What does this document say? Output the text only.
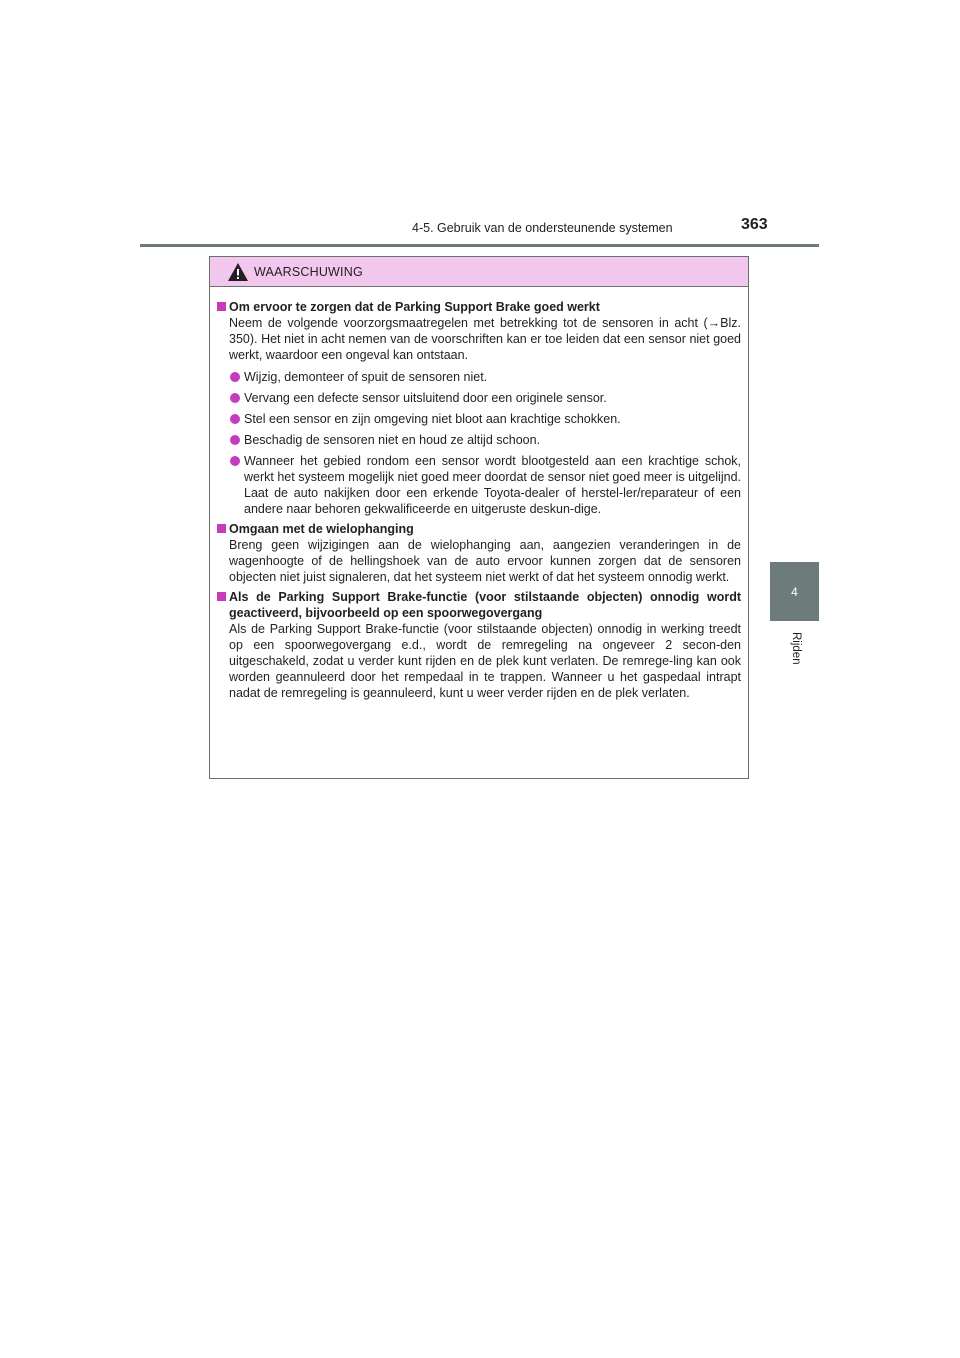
4-5. Gebruik van de ondersteunende systemen	363
4
Rijden
WAARSCHUWING
Om ervoor te zorgen dat de Parking Support Brake goed werkt
Neem de volgende voorzorgsmaatregelen met betrekking tot de sensoren in acht (→Blz. 350). Het niet in acht nemen van de voorschriften kan er toe leiden dat een sensor niet goed werkt, waardoor een ongeval kan ontstaan.
Wijzig, demonteer of spuit de sensoren niet.
Vervang een defecte sensor uitsluitend door een originele sensor.
Stel een sensor en zijn omgeving niet bloot aan krachtige schokken.
Beschadig de sensoren niet en houd ze altijd schoon.
Wanneer het gebied rondom een sensor wordt blootgesteld aan een krachtige schok, werkt het systeem mogelijk niet goed meer doordat de sensor niet goed meer is uitgelijnd. Laat de auto nakijken door een erkende Toyota-dealer of herstel-ler/reparateur of een andere naar behoren gekwalificeerde en uitgeruste deskun-dige.
Omgaan met de wielophanging
Breng geen wijzigingen aan de wielophanging aan, aangezien veranderingen in de wagenhoogte of de hellingshoek van de auto ervoor kunnen zorgen dat de sensoren objecten niet juist signaleren, dat het systeem niet werkt of dat het systeem onnodig werkt.
Als de Parking Support Brake-functie (voor stilstaande objecten) onnodig wordt geactiveerd, bijvoorbeeld op een spoorwegovergang
Als de Parking Support Brake-functie (voor stilstaande objecten) onnodig in werking treedt op een spoorwegovergang e.d., wordt de remregeling na ongeveer 2 secon-den uitgeschakeld, zodat u verder kunt rijden en de plek kunt verlaten. De remrege-ling kan ook worden geannuleerd door het rempedaal in te trappen. Wanneer u het gaspedaal intrapt nadat de remregeling is geannuleerd, kunt u weer verder rijden en de plek verlaten.
